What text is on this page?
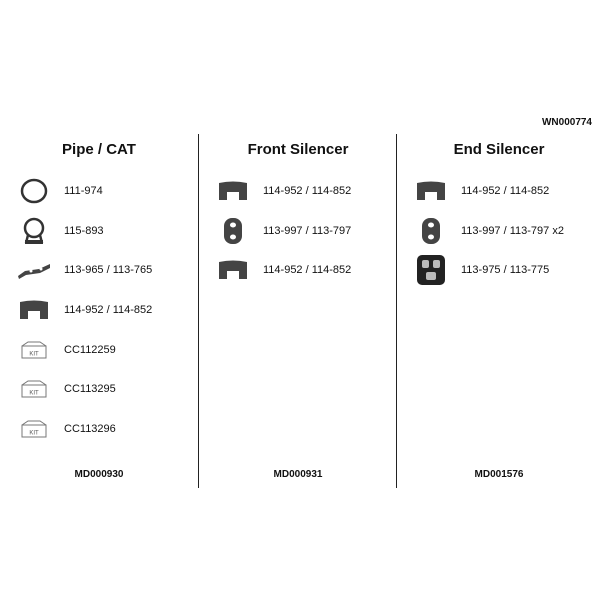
WN000774
Pipe / CAT
111-974
115-893
113-965 / 113-765
114-952 / 114-852
KIT CC112259
KIT CC113295
KIT CC113296
MD000930
Front Silencer
114-952 / 114-852
113-997 / 113-797
114-952 / 114-852
MD000931
End Silencer
114-952 / 114-852
113-997 / 113-797 x2
113-975 / 113-775
MD001576
